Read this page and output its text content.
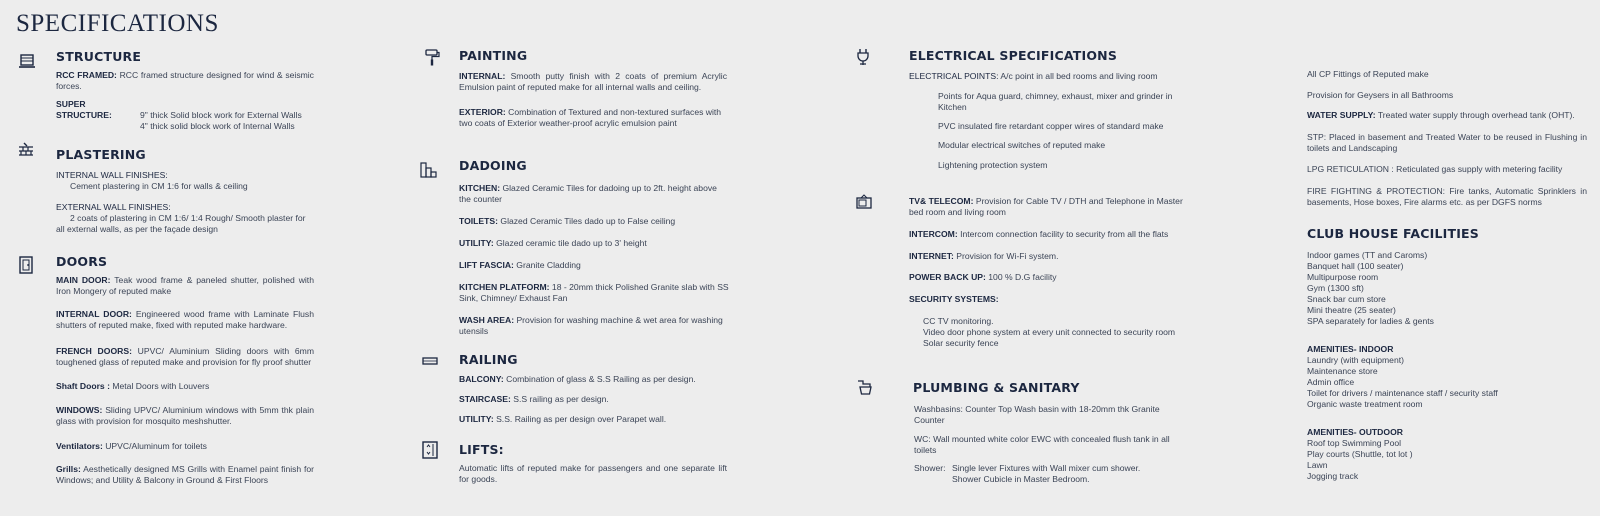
SPECIFICATIONS
STRUCTURE
RCC FRAMED: RCC framed structure designed for wind & seismic forces.
SUPER STRUCTURE:	9" thick Solid block work for External Walls
4" thick solid block work of Internal Walls
PLASTERING
INTERNAL WALL FINISHES:
Cement plastering in CM 1:6 for walls & ceiling
EXTERNAL WALL FINISHES:
2 coats of plastering in CM 1:6/ 1:4 Rough/ Smooth plaster for
all external walls, as per the façade design
DOORS
MAIN DOOR: Teak wood frame & paneled shutter, polished with Iron Mongery of reputed make
INTERNAL DOOR: Engineered wood frame with Laminate Flush shutters of reputed make, fixed with reputed make hardware.
FRENCH DOORS: UPVC/ Aluminium Sliding doors with 6mm toughened glass of reputed make and provision for fly proof shutter
Shaft Doors : Metal Doors with Louvers
WINDOWS: Sliding UPVC/ Aluminium windows with 5mm thk plain glass with provision for mosquito meshshutter.
Ventilators: UPVC/Aluminum for toilets
Grills: Aesthetically designed MS Grills with Enamel paint finish for Windows; and Utility & Balcony in Ground & First Floors
PAINTING
INTERNAL: Smooth putty finish with 2 coats of premium Acrylic Emulsion paint of reputed make for all internal walls and ceiling.
EXTERIOR: Combination of Textured and non-textured surfaces with two coats of Exterior weather-proof acrylic emulsion paint
DADOING
KITCHEN: Glazed Ceramic Tiles for dadoing up to 2ft. height above the counter
TOILETS: Glazed Ceramic Tiles dado up to False ceiling
UTILITY: Glazed ceramic tile dado up to 3' height
LIFT FASCIA: Granite Cladding
KITCHEN PLATFORM: 18 - 20mm thick Polished Granite slab with SS Sink, Chimney/ Exhaust Fan
WASH AREA: Provision for washing machine & wet area for washing utensils
RAILING
BALCONY: Combination of glass & S.S Railing as per design.
STAIRCASE: S.S railing as per design.
UTILITY: S.S. Railing as per design over Parapet wall.
LIFTS:
Automatic lifts of reputed make for passengers and one separate lift for goods.
ELECTRICAL SPECIFICATIONS
ELECTRICAL POINTS: A/c point in all bed rooms and living room
Points for Aqua guard, chimney, exhaust, mixer and grinder in Kitchen
PVC insulated fire retardant copper wires of standard make
Modular electrical switches of reputed make
Lightening protection system
TV& TELECOM: Provision for Cable TV / DTH and Telephone in Master bed room and living room
INTERCOM: Intercom connection facility to security from all the flats
INTERNET: Provision for Wi-Fi system.
POWER BACK UP: 100 % D.G facility
SECURITY SYSTEMS:
CC TV monitoring.
Video door phone system at every unit connected to security room
Solar security fence
PLUMBING & SANITARY
Washbasins: Counter Top Wash basin with 18-20mm thk Granite Counter
WC: Wall mounted white color EWC with concealed flush tank in all toilets
Shower: Single lever Fixtures with Wall mixer cum shower.
Shower Cubicle in Master Bedroom.
All CP Fittings of Reputed make
Provision for Geysers in all Bathrooms
WATER SUPPLY: Treated water supply through overhead tank (OHT).
STP: Placed in basement and Treated Water to be reused in Flushing in toilets and Landscaping
LPG RETICULATION : Reticulated gas supply with metering facility
FIRE FIGHTING & PROTECTION: Fire tanks, Automatic Sprinklers in basements, Hose boxes, Fire alarms etc. as per DGFS norms
CLUB HOUSE FACILITIES
Indoor games (TT and Caroms)
Banquet hall (100 seater)
Multipurpose room
Gym (1300 sft)
Snack bar cum store
Mini theatre (25 seater)
SPA separately for ladies & gents
AMENITIES- INDOOR
Laundry (with equipment)
Maintenance store
Admin office
Toilet for drivers / maintenance staff / security staff
Organic waste treatment room
AMENITIES- OUTDOOR
Roof top Swimming Pool
Play courts (Shuttle, tot lot )
Lawn
Jogging track
